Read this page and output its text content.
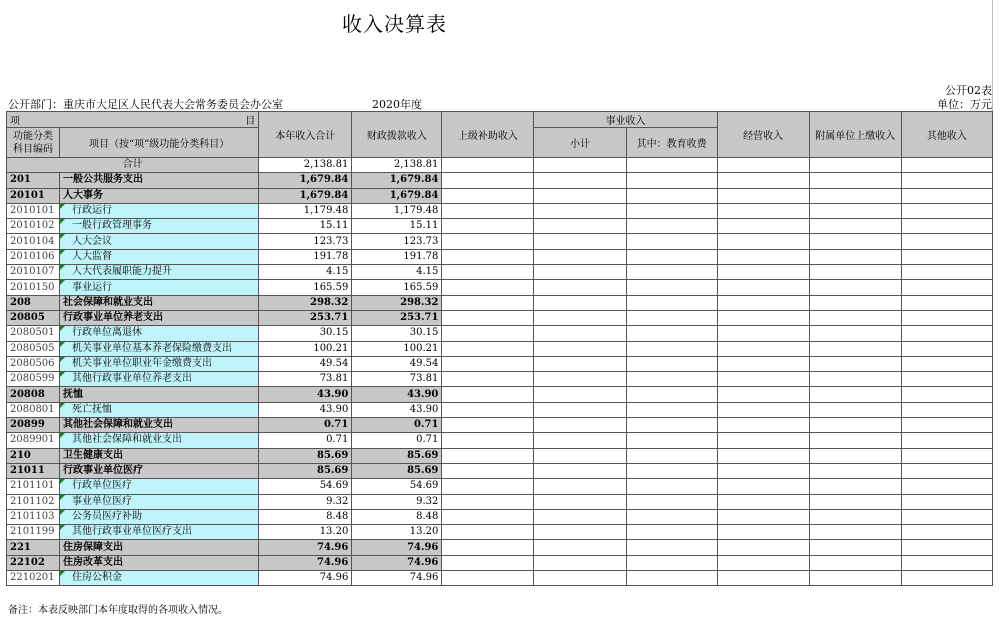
收入决算表
公开02表
公开部门：重庆市大足区人民代表大会常务委员会办公室	2020年度	单位：万元
项 目		本年收入合计	财政拨款收入	上级补助收入	事业收入		经营收入	附属单位上缴收入	其他收入
功能分类科目编码	项目（按“项”级功能分类科目）								
					小计	其中：教育收费			
合计		2,138.81	2,138.81						
201	一般公共服务支出	1,679.84	1,679.84						
20101	人大事务	1,679.84	1,679.84						
2010101	行政运行	1,179.48	1,179.48						
2010102	一般行政管理事务	15.11	15.11						
2010104	人大会议	123.73	123.73						
2010106	人大监督	191.78	191.78						
2010107	人大代表履职能力提升	4.15	4.15						
2010150	事业运行	165.59	165.59						
208	社会保障和就业支出	298.32	298.32						
20805	行政事业单位养老支出	253.71	253.71						
2080501	行政单位离退休	30.15	30.15						
2080505	机关事业单位基本养老保险缴费支出	100.21	100.21						
2080506	机关事业单位职业年金缴费支出	49.54	49.54						
2080599	其他行政事业单位养老支出	73.81	73.81						
20808	抚恤	43.90	43.90						
2080801	死亡抚恤	43.90	43.90						
20899	其他社会保障和就业支出	0.71	0.71						
2089901	其他社会保障和就业支出	0.71	0.71						
210	卫生健康支出	85.69	85.69						
21011	行政事业单位医疗	85.69	85.69						
2101101	行政单位医疗	54.69	54.69						
2101102	事业单位医疗	9.32	9.32						
2101103	公务员医疗补助	8.48	8.48						
2101199	其他行政事业单位医疗支出	13.20	13.20						
221	住房保障支出	74.96	74.96						
22102	住房改革支出	74.96	74.96						
2210201	住房公积金	74.96	74.96						
备注：本表反映部门本年度取得的各项收入情况。
